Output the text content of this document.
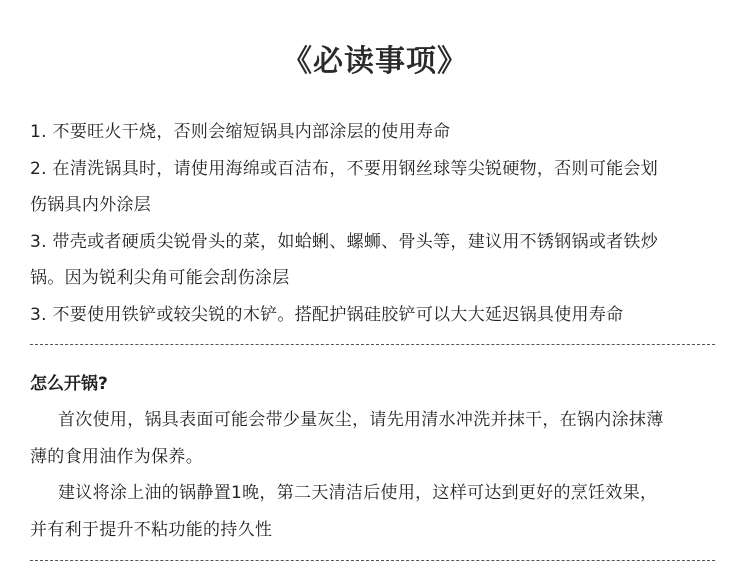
《必读事项》
1. 不要旺火干烧，否则会缩短锅具内部涂层的使用寿命
2. 在清洗锅具时，请使用海绵或百洁布，不要用钢丝球等尖锐硬物，否则可能会划
伤锅具内外涂层
3. 带壳或者硬质尖锐骨头的菜，如蛤蜊、螺蛳、骨头等，建议用不锈钢锅或者铁炒
锅。因为锐利尖角可能会刮伤涂层
3. 不要使用铁铲或较尖锐的木铲。搭配护锅硅胶铲可以大大延迟锅具使用寿命
怎么开锅?
首次使用，锅具表面可能会带少量灰尘，请先用清水冲洗并抹干，在锅内涂抹薄
薄的食用油作为保养。
建议将涂上油的锅静置1晚，第二天清洁后使用，这样可达到更好的烹饪效果，
并有利于提升不粘功能的持久性
